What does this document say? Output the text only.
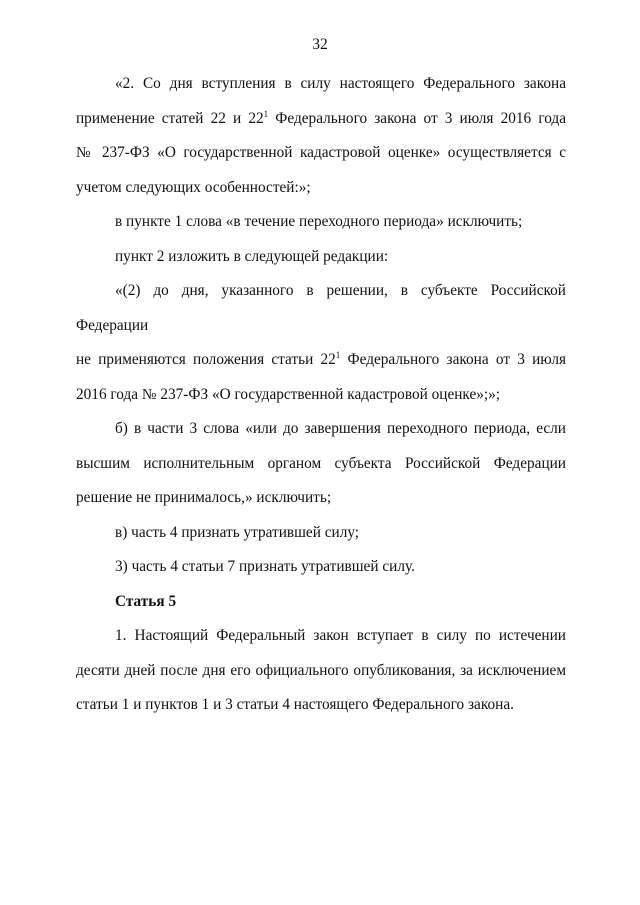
32

«2. Со дня вступления в силу настоящего Федерального закона
применение статей 22 и $22^1$ Федерального закона от 3 июля 2016 года
№ 237-ФЗ «О государственной кадастровой оценке» осуществляется с
учетом следующих особенностей:»;

в пункте 1 слова «в течение переходного периода» исключить;

пункт 2 изложить в следующей редакции:

«(2) до дня, указанного в решении, в субъекте Российской Федерации
не применяются положения статьи $22^1$ Федерального закона от 3 июля
2016 года № 237-ФЗ «О государственной кадастровой оценке»;»;

б) в части 3 слова «или до завершения переходного периода, если
высшим исполнительным органом субъекта Российской Федерации
решение не принималось,» исключить;

в) часть 4 признать утратившей силу;

3) часть 4 статьи 7 признать утратившей силу.

Статья 5

1. Настоящий Федеральный закон вступает в силу по истечении
десяти дней после дня его официального опубликования, за исключением
статьи 1 и пунктов 1 и 3 статьи 4 настоящего Федерального закона.
